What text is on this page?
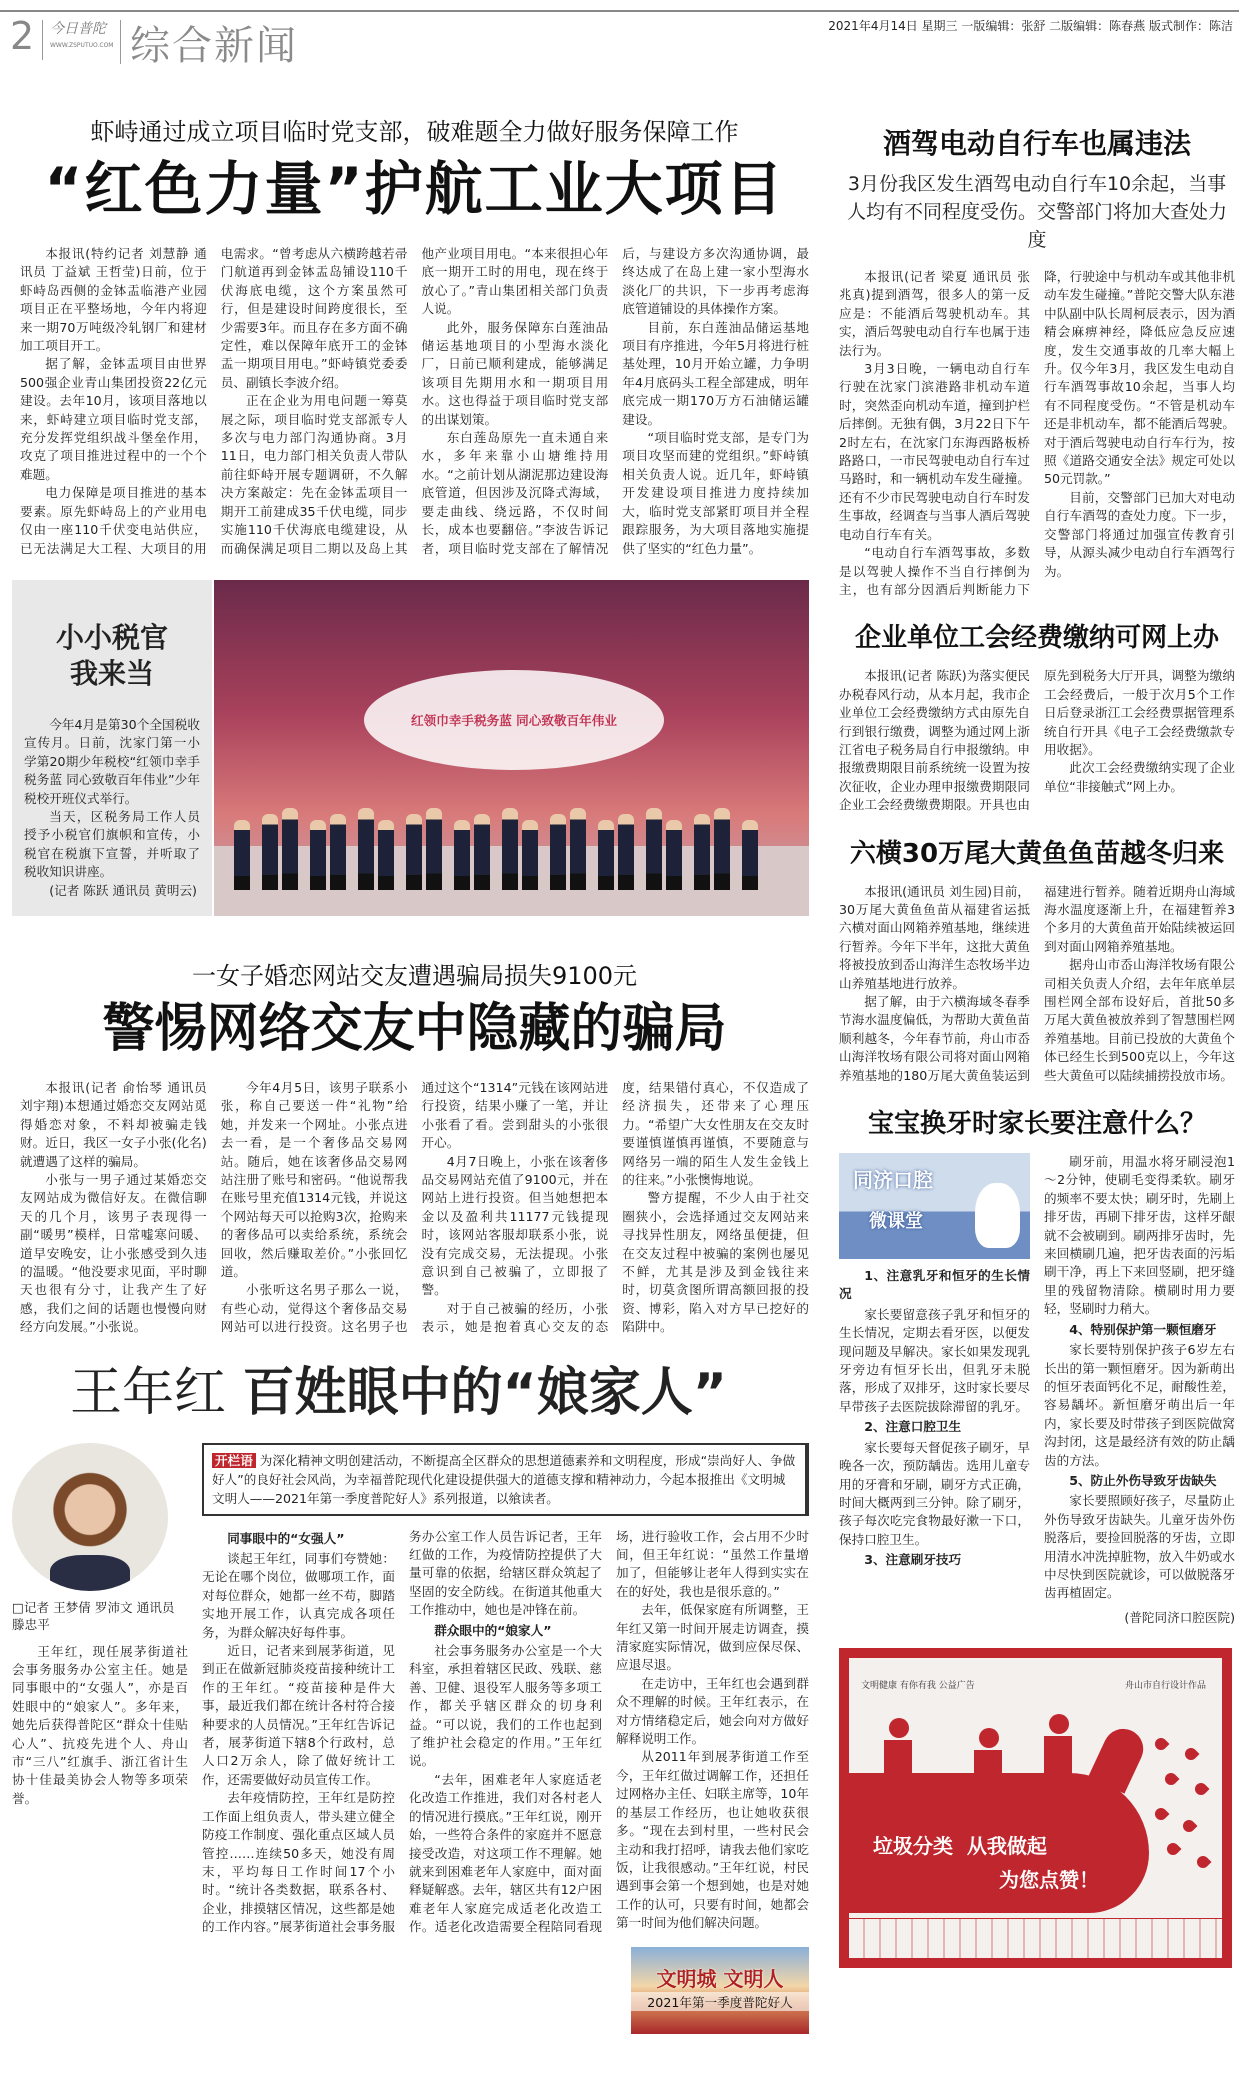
2 今日普陀
WWW.ZSPUTUO.COM 综合新闻	2021年4月14日 星期三 一版编辑：张舒 二版编辑：陈春燕 版式制作：陈洁
虾峙通过成立项目临时党支部，破难题全力做好服务保障工作
“红色力量”护航工业大项目

本报讯(特约记者 刘慧静 通讯员 丁益斌 王哲莹)日前，位于虾峙岛西侧的金钵盂临港产业园项目正在平整场地，今年内将迎来一期70万吨级冷轧钢厂和建材加工项目开工。

据了解，金钵盂项目由世界500强企业青山集团投资22亿元建设。去年10月，该项目落地以来，虾峙建立项目临时党支部，充分发挥党组织战斗堡垒作用，攻克了项目推进过程中的一个个难题。

电力保障是项目推进的基本要素。原先虾峙岛上的产业用电仅由一座110千伏变电站供应，已无法满足大工程、大项目的用电需求。“曾考虑从六横跨越若帚门航道再到金钵盂岛铺设110千伏海底电缆，这个方案虽然可行，但是建设时间跨度很长，至少需要3年。而且存在多方面不确定性，难以保障年底开工的金钵盂一期项目用电。”虾峙镇党委委员、副镇长李波介绍。

正在企业为用电问题一筹莫展之际，项目临时党支部派专人多次与电力部门沟通协商。3月11日，电力部门相关负责人带队前往虾峙开展专题调研，不久解决方案敲定：先在金钵盂项目一期开工前建成35千伏电缆，同步实施110千伏海底电缆建设，从而确保满足项目二期以及岛上其他产业项目用电。“本来很担心年底一期开工时的用电，现在终于放心了。”青山集团相关部门负责人说。

此外，服务保障东白莲油品储运基地项目的小型海水淡化厂，日前已顺利建成，能够满足该项目先期用水和一期项目用水。这也得益于项目临时党支部的出谋划策。

东白莲岛原先一直未通自来水，多年来靠小山塘维持用水。“之前计划从湖泥那边建设海底管道，但因涉及沉降式海域，要走曲线、绕远路，不仅时间长，成本也要翻倍。”李波告诉记者，项目临时党支部在了解情况后，与建设方多次沟通协调，最终达成了在岛上建一家小型海水淡化厂的共识，下一步再考虑海底管道铺设的具体操作方案。

目前，东白莲油品储运基地项目有序推进，今年5月将进行桩基处理，10月开始立罐，力争明年4月底码头工程全部建成，明年底完成一期170万方石油储运罐建设。

“项目临时党支部，是专门为项目攻坚而建的党组织。”虾峙镇相关负责人说。近几年，虾峙镇开发建设项目推进力度持续加大，临时党支部紧盯项目并全程跟踪服务，为大项目落地实施提供了坚实的“红色力量”。

小小税官
我来当

今年4月是第30个全国税收宣传月。日前，沈家门第一小学第20期少年税校“红领巾幸手税务蓝 同心致敬百年伟业”少年税校开班仪式举行。

当天，区税务局工作人员授予小税官们旗帜和宣传，小税官在税旗下宣誓，并听取了税收知识讲座。

(记者 陈跃 通讯员 黄明云)

红领巾幸手税务蓝 同心致敬百年伟业
一女子婚恋网站交友遭遇骗局损失9100元
警惕网络交友中隐藏的骗局

本报讯(记者 俞怡琴 通讯员 刘宇翔)本想通过婚恋交友网站觅得婚恋对象，不料却被骗走钱财。近日，我区一女子小张(化名)就遭遇了这样的骗局。

小张与一男子通过某婚恋交友网站成为微信好友。在微信聊天的几个月，该男子表现得一副“暖男”模样，日常嘘寒问暖、道早安晚安，让小张感受到久违的温暖。“他没要求见面，平时聊天也很有分寸，让我产生了好感，我们之间的话题也慢慢向财经方向发展。”小张说。

今年4月5日，该男子联系小张，称自己要送一件“礼物”给她，并发来一个网址。小张点进去一看，是一个奢侈品交易网站。随后，她在该奢侈品交易网站注册了账号和密码。“他说帮我在账号里充值1314元钱，并说这个网站每天可以抢购3次，抢购来的奢侈品可以卖给系统，系统会回收，然后赚取差价。”小张回忆道。

小张听这名男子那么一说，有些心动，觉得这个奢侈品交易网站可以进行投资。这名男子也通过这个“1314”元钱在该网站进行投资，结果小赚了一笔，并让小张看了看。尝到甜头的小张很开心。

4月7日晚上，小张在该奢侈品交易网站充值了9100元，并在网站上进行投资。但当她想把本金以及盈利共11177元钱提现时，该网站客服却联系小张，说没有完成交易，无法提现。小张意识到自己被骗了，立即报了警。

对于自己被骗的经历，小张表示，她是抱着真心交友的态度，结果错付真心，不仅造成了经济损失，还带来了心理压力。“希望广大女性朋友在交友时要谨慎谨慎再谨慎，不要随意与网络另一端的陌生人发生金钱上的往来。”小张懊悔地说。

警方提醒，不少人由于社交圈狭小，会选择通过交友网站来寻找异性朋友，网络虽便捷，但在交友过程中被骗的案例也屡见不鲜，尤其是涉及到金钱往来时，切莫贪图所谓高额回报的投资、博彩，陷入对方早已挖好的陷阱中。

王年红 百姓眼中的“娘家人”
□记者 王梦倩 罗沛文 通讯员 滕忠平

王年红，现任展茅街道社会事务服务办公室主任。她是同事眼中的“女强人”，亦是百姓眼中的“娘家人”。多年来，她先后获得普陀区“群众十佳贴心人”、抗疫先进个人、舟山市“三八”红旗手、浙江省计生协十佳最美协会人物等多项荣誉。

开栏语 为深化精神文明创建活动，不断提高全区群众的思想道德素养和文明程度，形成“崇尚好人、争做好人”的良好社会风尚，为幸福普陀现代化建设提供强大的道德支撑和精神动力，今起本报推出《文明城 文明人——2021年第一季度普陀好人》系列报道，以飨读者。
同事眼中的“女强人”

谈起王年红，同事们夸赞她：无论在哪个岗位，做哪项工作，面对每位群众，她都一丝不苟，脚踏实地开展工作，认真完成各项任务，为群众解决好每件事。

近日，记者来到展茅街道，见到正在做新冠肺炎疫苗接种统计工作的王年红。“疫苗接种是件大事，最近我们都在统计各村符合接种要求的人员情况。”王年红告诉记者，展茅街道下辖8个行政村，总人口2万余人，除了做好统计工作，还需要做好动员宣传工作。

去年疫情防控，王年红是防控工作面上组负责人，带头建立健全防疫工作制度、强化重点区域人员管控……连续50多天，她没有周末，平均每日工作时间17个小时。“统计各类数据，联系各村、企业，排摸辖区情况，这些都是她的工作内容。”展茅街道社会事务服务办公室工作人员告诉记者，王年红做的工作，为疫情防控提供了大量可靠的依据，给辖区群众筑起了坚固的安全防线。在街道其他重大工作推动中，她也是冲锋在前。

群众眼中的“娘家人”

社会事务服务办公室是一个大科室，承担着辖区民政、残联、慈善、卫健、退役军人服务等多项工作，都关乎辖区群众的切身利益。“可以说，我们的工作也起到了维护社会稳定的作用。”王年红说。

“去年，困难老年人家庭适老化改造工作推进，我们对各村老人的情况进行摸底。”王年红说，刚开始，一些符合条件的家庭并不愿意接受改造，对这项工作不理解。她就来到困难老年人家庭中，面对面释疑解惑。去年，辖区共有12户困难老年人家庭完成适老化改造工作。适老化改造需要全程陪同看现场，进行验收工作，会占用不少时间，但王年红说：“虽然工作量增加了，但能够让老年人得到实实在在的好处，我也是很乐意的。”

去年，低保家庭有所调整，王年红又第一时间开展走访调查，摸清家庭实际情况，做到应保尽保、应退尽退。

在走访中，王年红也会遇到群众不理解的时候。王年红表示，在对方情绪稳定后，她会向对方做好解释说明工作。

从2011年到展茅街道工作至今，王年红做过调解工作，还担任过网格办主任、妇联主席等，10年的基层工作经历，也让她收获很多。“现在去到村里，一些村民会主动和我打招呼，请我去他们家吃饭，让我很感动。”王年红说，村民遇到事会第一个想到她，也是对她工作的认可，只要有时间，她都会第一时间为他们解决问题。

文明城 文明人
2021年第一季度普陀好人
酒驾电动自行车也属违法
3月份我区发生酒驾电动自行车10余起，当事人均有不同程度受伤。交警部门将加大查处力度

本报讯(记者 梁夏 通讯员 张兆真)提到酒驾，很多人的第一反应是：不能酒后驾驶机动车。其实，酒后驾驶电动自行车也属于违法行为。

3月3日晚，一辆电动自行车行驶在沈家门滨港路非机动车道时，突然歪向机动车道，撞到护栏后摔倒。无独有偶，3月22日下午2时左右，在沈家门东海西路板桥路路口，一市民驾驶电动自行车过马路时，和一辆机动车发生碰撞。还有不少市民驾驶电动自行车时发生事故，经调查与当事人酒后驾驶电动自行车有关。

“电动自行车酒驾事故，多数是以驾驶人操作不当自行摔倒为主，也有部分因酒后判断能力下降，行驶途中与机动车或其他非机动车发生碰撞。”普陀交警大队东港中队副中队长周柯辰表示，因为酒精会麻痹神经，降低应急反应速度，发生交通事故的几率大幅上升。仅今年3月，我区发生电动自行车酒驾事故10余起，当事人均有不同程度受伤。“不管是机动车还是非机动车，都不能酒后驾驶。对于酒后驾驶电动自行车行为，按照《道路交通安全法》规定可处以50元罚款。”

目前，交警部门已加大对电动自行车酒驾的查处力度。下一步，交警部门将通过加强宣传教育引导，从源头减少电动自行车酒驾行为。

企业单位工会经费缴纳可网上办

本报讯(记者 陈跃)为落实便民办税春风行动，从本月起，我市企业单位工会经费缴纳方式由原先自行到银行缴费，调整为通过网上浙江省电子税务局自行申报缴纳。申报缴费期限目前系统统一设置为按次征收，企业办理申报缴费期限同企业工会经费缴费期限。开具也由原先到税务大厅开具，调整为缴纳工会经费后，一般于次月5个工作日后登录浙江工会经费票据管理系统自行开具《电子工会经费缴款专用收据》。

此次工会经费缴纳实现了企业单位“非接触式”网上办。

六横30万尾大黄鱼鱼苗越冬归来

本报讯(通讯员 刘生园)目前，30万尾大黄鱼鱼苗从福建省运抵六横对面山网箱养殖基地，继续进行暂养。今年下半年，这批大黄鱼将被投放到岙山海洋生态牧场半边山养殖基地进行放养。

据了解，由于六横海域冬春季节海水温度偏低，为帮助大黄鱼苗顺利越冬，今年春节前，舟山市岙山海洋牧场有限公司将对面山网箱养殖基地的180万尾大黄鱼装运到福建进行暂养。随着近期舟山海域海水温度逐渐上升，在福建暂养3个多月的大黄鱼苗开始陆续被运回到对面山网箱养殖基地。

据舟山市岙山海洋牧场有限公司相关负责人介绍，去年年底单层围栏网全部布设好后，首批50多万尾大黄鱼被放养到了智慧围栏网养殖基地。目前已投放的大黄鱼个体已经生长到500克以上，今年这些大黄鱼可以陆续捕捞投放市场。

宝宝换牙时家长要注意什么？
同济口腔
微课堂
1、注意乳牙和恒牙的生长情况

家长要留意孩子乳牙和恒牙的生长情况，定期去看牙医，以便发现问题及早解决。家长如果发现乳牙旁边有恒牙长出，但乳牙未脱落，形成了双排牙，这时家长要尽早带孩子去医院拔除滞留的乳牙。

2、注意口腔卫生

家长要每天督促孩子刷牙，早晚各一次，预防龋齿。选用儿童专用的牙膏和牙刷，刷牙方式正确，时间大概两到三分钟。除了刷牙，孩子每次吃完食物最好漱一下口，保持口腔卫生。

3、注意刷牙技巧

刷牙前，用温水将牙刷浸泡1～2分钟，使刷毛变得柔软。刷牙的频率不要太快；刷牙时，先刷上排牙齿，再刷下排牙齿，这样牙龈就不会被刷到。刷两排牙齿时，先来回横刷几遍，把牙齿表面的污垢刷干净，再上下来回竖刷，把牙缝里的残留物清除。横刷时用力要轻，竖刷时力稍大。

4、特别保护第一颗恒磨牙

家长要特别保护孩子6岁左右长出的第一颗恒磨牙。因为新萌出的恒牙表面钙化不足，耐酸性差，容易龋坏。新恒磨牙萌出后一年内，家长要及时带孩子到医院做窝沟封闭，这是最经济有效的防止龋齿的方法。

5、防止外伤导致牙齿缺失

家长要照顾好孩子，尽量防止外伤导致牙齿缺失。儿童牙齿外伤脱落后，要捡回脱落的牙齿，立即用清水冲洗掉脏物，放入牛奶或水中尽快到医院就诊，可以做脱落牙齿再植固定。

(普陀同济口腔医院)
文明健康 有你有我 公益广告	舟山市自行设计作品
垃圾分类  从我做起
为您点赞！
